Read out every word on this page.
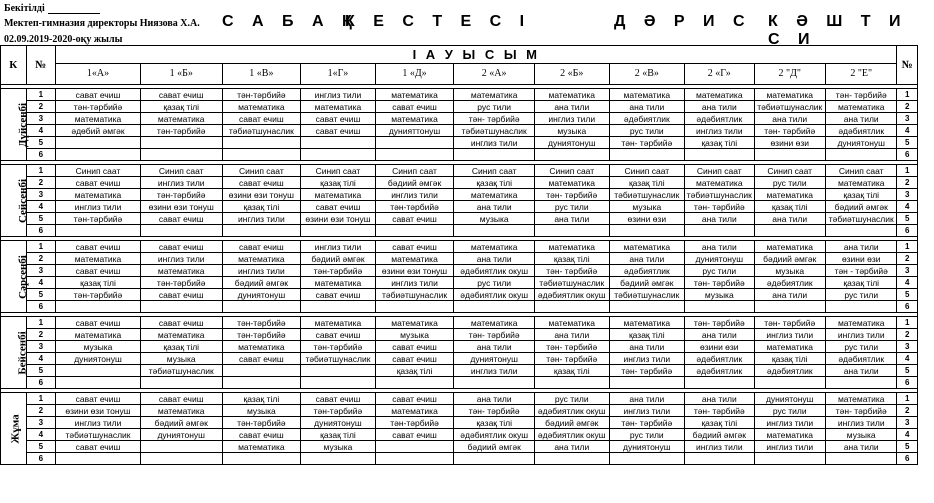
Бекітілді
Мектеп-гимназия директоры Ниязова Х.А.
02.09.2019-2020-оқу жылы
С А Б А Қ
К Е С Т Е С І	Д Ә Р И С К Ә Ш Т И С И
К	№	І А У Ы С Ы М											№
		1«А»	1 «Б»	1 «В»	1«Г»	1 «Д»	2 «А»	2 «Б»	2 «В»	2 «Г»	2 "Д"	2 "Е"	

Дүйсенбі	1	сават ечиш	сават ечиш	тән-тәрбийә	инглиз тили	математика	математика	математика	математика	математика	математика	тән- тәрбийә	1
	2	тән-тәрбийә	қазақ тілі	математика	математика	сават ечиш	рус тили	ана тили	ана тили	ана тили	тәбиәтшунаслик	математика	2
	3	математика	математика	сават ечиш	сават ечиш	математика	тән- тәрбийә	инглиз тили	әдәбиятлик	әдәбиятлик	ана тили	ана тили	3
	4	әдөбий әмгәк	тән-тәрбийә	тәбиәтшунаслик	сават ечиш	дунияттонуш	тәбиәтшунаслик	музыка	рус тили	инглиз тили	тән- тәрбийә	әдәбиятлик	4
	5						инглиз тили	дуниятонуш	тән- тәрбийә	қазақ тілі	өзини өзи	дуниятонуш	5
	6												6

Сейсенбі	1	Синип саат	Синип саат	Синип саат	Синип саат	Синип саат	Синип саат	Синип саат	Синип саат	Синип саат	Синип саат	Синип саат	1
	2	сават ечиш	инглиз тили	сават ечиш	қазақ тілі	бәдиий әмгәк	қазақ тілі	математика	қазақ тілі	математика	рус тили	математика	2
	3	математика	тән-тәрбийә	өзини өзи тонуш	математика	инглиз тили	математика	тән- тәрбийә	тәбиәтшунаслик	тәбиәтшунаслик	математика	қазақ тілі	3
	4	инглиз тили	өзини өзи тонуш	қазақ тілі	сават ечиш	тән-тәрбийә	ана тили	рус тили	музыка	тән- тәрбийә	қазақ тілі	бәдиий әмгәк	4
	5	тән-тәрбийә	сават ечиш	инглиз тили	өзини өзи тонуш	сават ечиш	музыка	ана тили	өзини өзи	ана тили	ана тили	тәбиәтшунаслик	5
	6												6

Сәрсенбі	1	сават ечиш	сават ечиш	сават ечиш	инглиз тили	сават ечиш	математика	математика	математика	ана тили	математика	ана тили	1
	2	математика	инглиз тили	математика	бәдиий әмгәк	математика	ана тили	қазақ тілі	ана тили	дуниятонуш	бәдиий әмгәк	өзини өзи	2
	3	сават ечиш	математика	инглиз тили	тән-тәрбийә	өзини өзи тонуш	әдәбиятлик окуш	тән- тәрбийә	әдәбиятлик	рус тили	музыка	тән - тәрбийә	3
	4	қазақ тілі	тән-тәрбийә	бәдиий әмгәк	математика	инглиз тили	рус тили	тәбиәтшунаслик	бәдиий әмгәк	тән- тәрбийә	әдәбиятлик	қазақ тілі	4
	5	тән-тәрбийә	сават ечиш	дуниятонуш	сават ечиш	тәбиәтшунаслик	әдәбиятлик окуш	әдәбиятлик окуш	тәбиәтшунаслик	музыка	ана тили	рус тили	5
	6												6

Бейсенбі	1	сават ечиш	сават ечиш	тән-тәрбийә	математика	математика	математика	математика	математика	тән- тәрбийә	тән- тәрбийә	математика	1
	2	математика	математика	тән-тәрбийә	сават ечиш	музыка	тән- тәрбийә	ана тили	қазақ тілі	ана тили	инглиз тили	инглиз тили	2
	3	музыка	қазақ тілі	математика	тән-тәрбийә	сават ечиш	ана тили	тән- тәрбийә	ана тили	өзини өзи	математика	рус тили	3
	4	дуниятонуш	музыка	сават ечиш	тәбиәтшунаслик	сават ечиш	дуниятонуш	тән- тәрбийә	инглиз тили	әдәбиятлик	қазақ тілі	әдәбиятлик	4
	5		тәбиәтшунаслик			қазақ тілі	инглиз тили	қазақ тілі	тән- тәрбийә	әдәбиятлик	әдәбиятлик	ана тили	5
	6												6

Жұма	1	сават ечиш	сават ечиш	қазақ тілі	сават ечиш	сават ечиш	ана тили	рус тили	ана тили	ана тили	дуниятонуш	математика	1
	2	өзини өзи тонуш	математика	музыка	тән-тәрбийә	математика	тән- тәрбийә	әдәбиятлик окуш	инглиз тили	тән- тәрбийә	рус тили	тән- тәрбийә	2
	3	инглиз тили	бәдиий әмгәк	тән-тәрбийә	дуниятонуш	тән-тәрбийә	қазақ тілі	бәдиий әмгәк	тән- тәрбийә	қазақ тілі	инглиз тили	инглиз тили	3
	4	тәбиәтшунаслик	дуниятонуш	сават ечиш	қазақ тілі	сават ечиш	әдәбиятлик окуш	әдәбиятлик окуш	рус тили	бәдиий әмгәк	математика	музыка	4
	5	сават ечиш		математика	музыка		бәдиий әмгәк	ана тили	дуниятонуш	инглиз тили	инглиз тили	ана тили	5
	6												6
